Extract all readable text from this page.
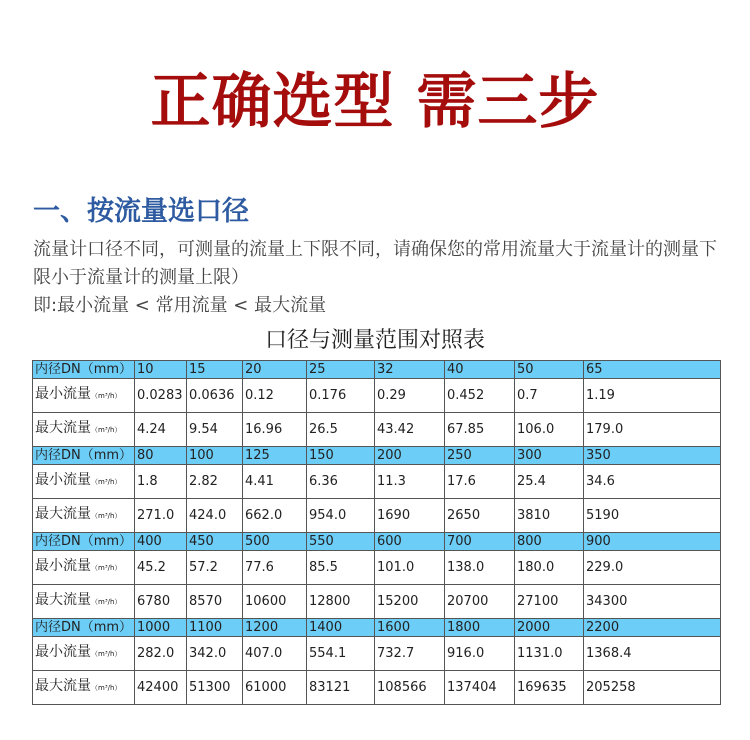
正确选型 需三步
一、按流量选口径

流量计口径不同，可测量的流量上下限不同，请确保您的常用流量大于流量计的测量下限小于流量计的测量上限）

即:最小流量 < 常用流量 < 最大流量

口径与测量范围对照表
内径DN（mm）	10	15	20	25	32	40	50	65
最小流量（m³/h）	0.0283	0.0636	0.12	0.176	0.29	0.452	0.7	1.19
最大流量（m³/h）	4.24	9.54	16.96	26.5	43.42	67.85	106.0	179.0
内径DN（mm）	80	100	125	150	200	250	300	350
最小流量（m³/h）	1.8	2.82	4.41	6.36	11.3	17.6	25.4	34.6
最大流量（m³/h）	271.0	424.0	662.0	954.0	1690	2650	3810	5190
内径DN（mm）	400	450	500	550	600	700	800	900
最小流量（m³/h）	45.2	57.2	77.6	85.5	101.0	138.0	180.0	229.0
最大流量（m³/h）	6780	8570	10600	12800	15200	20700	27100	34300
内径DN（mm）	1000	1100	1200	1400	1600	1800	2000	2200
最小流量（m³/h）	282.0	342.0	407.0	554.1	732.7	916.0	1131.0	1368.4
最大流量（m³/h）	42400	51300	61000	83121	108566	137404	169635	205258
